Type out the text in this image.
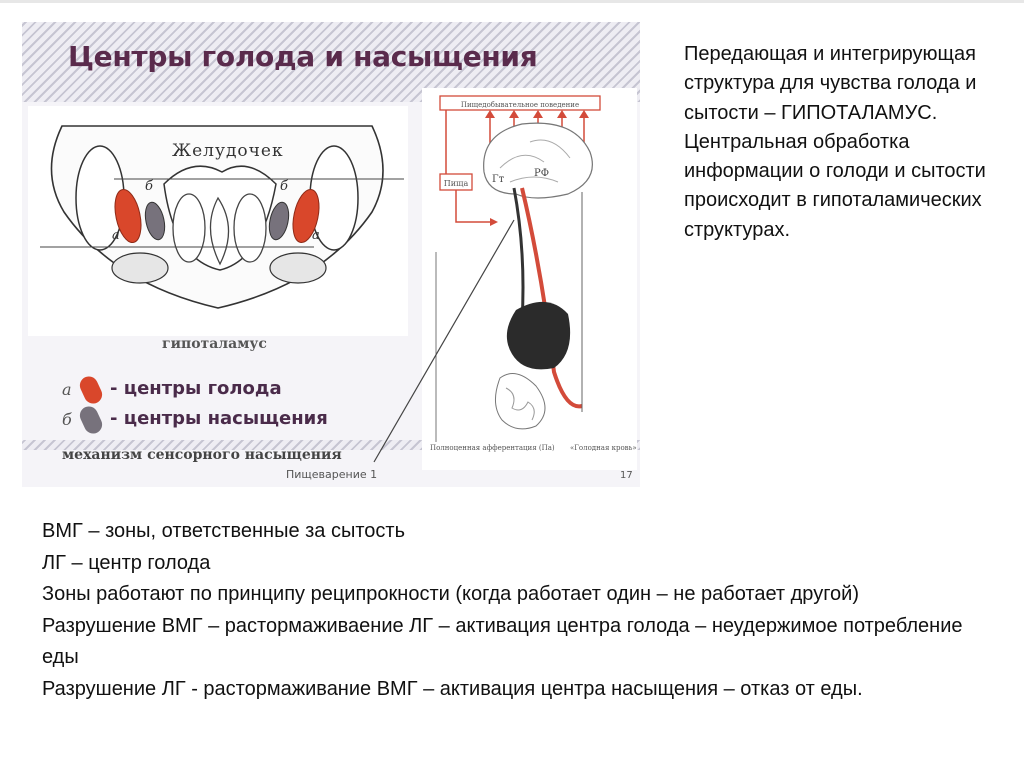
Центры голода и насыщения
Пищедобывательное поведение
Пища Гт
РФ
Полноценная афферентация (Па) «Голодная кровь»

Желудочек

а
б	б
а

гипоталамус

а - центры голода
б - центры насыщения

механизм сенсорного насыщения

Пищеварение 1	17

Передающая и интегрирующая структура для чувства голода и сытости – ГИПОТАЛАМУС. Центральная обработка информации о голоди и сытости происходит в гипоталамических структурах.

ВМГ – зоны, ответственные за сытость

ЛГ – центр голода

Зоны работают по принципу реципрокности (когда работает один – не работает другой)

Разрушение ВМГ – растормаживаение ЛГ – активация центра голода – неудержимое потребление еды

Разрушение ЛГ - растормаживание ВМГ – активация центра насыщения – отказ от еды.
